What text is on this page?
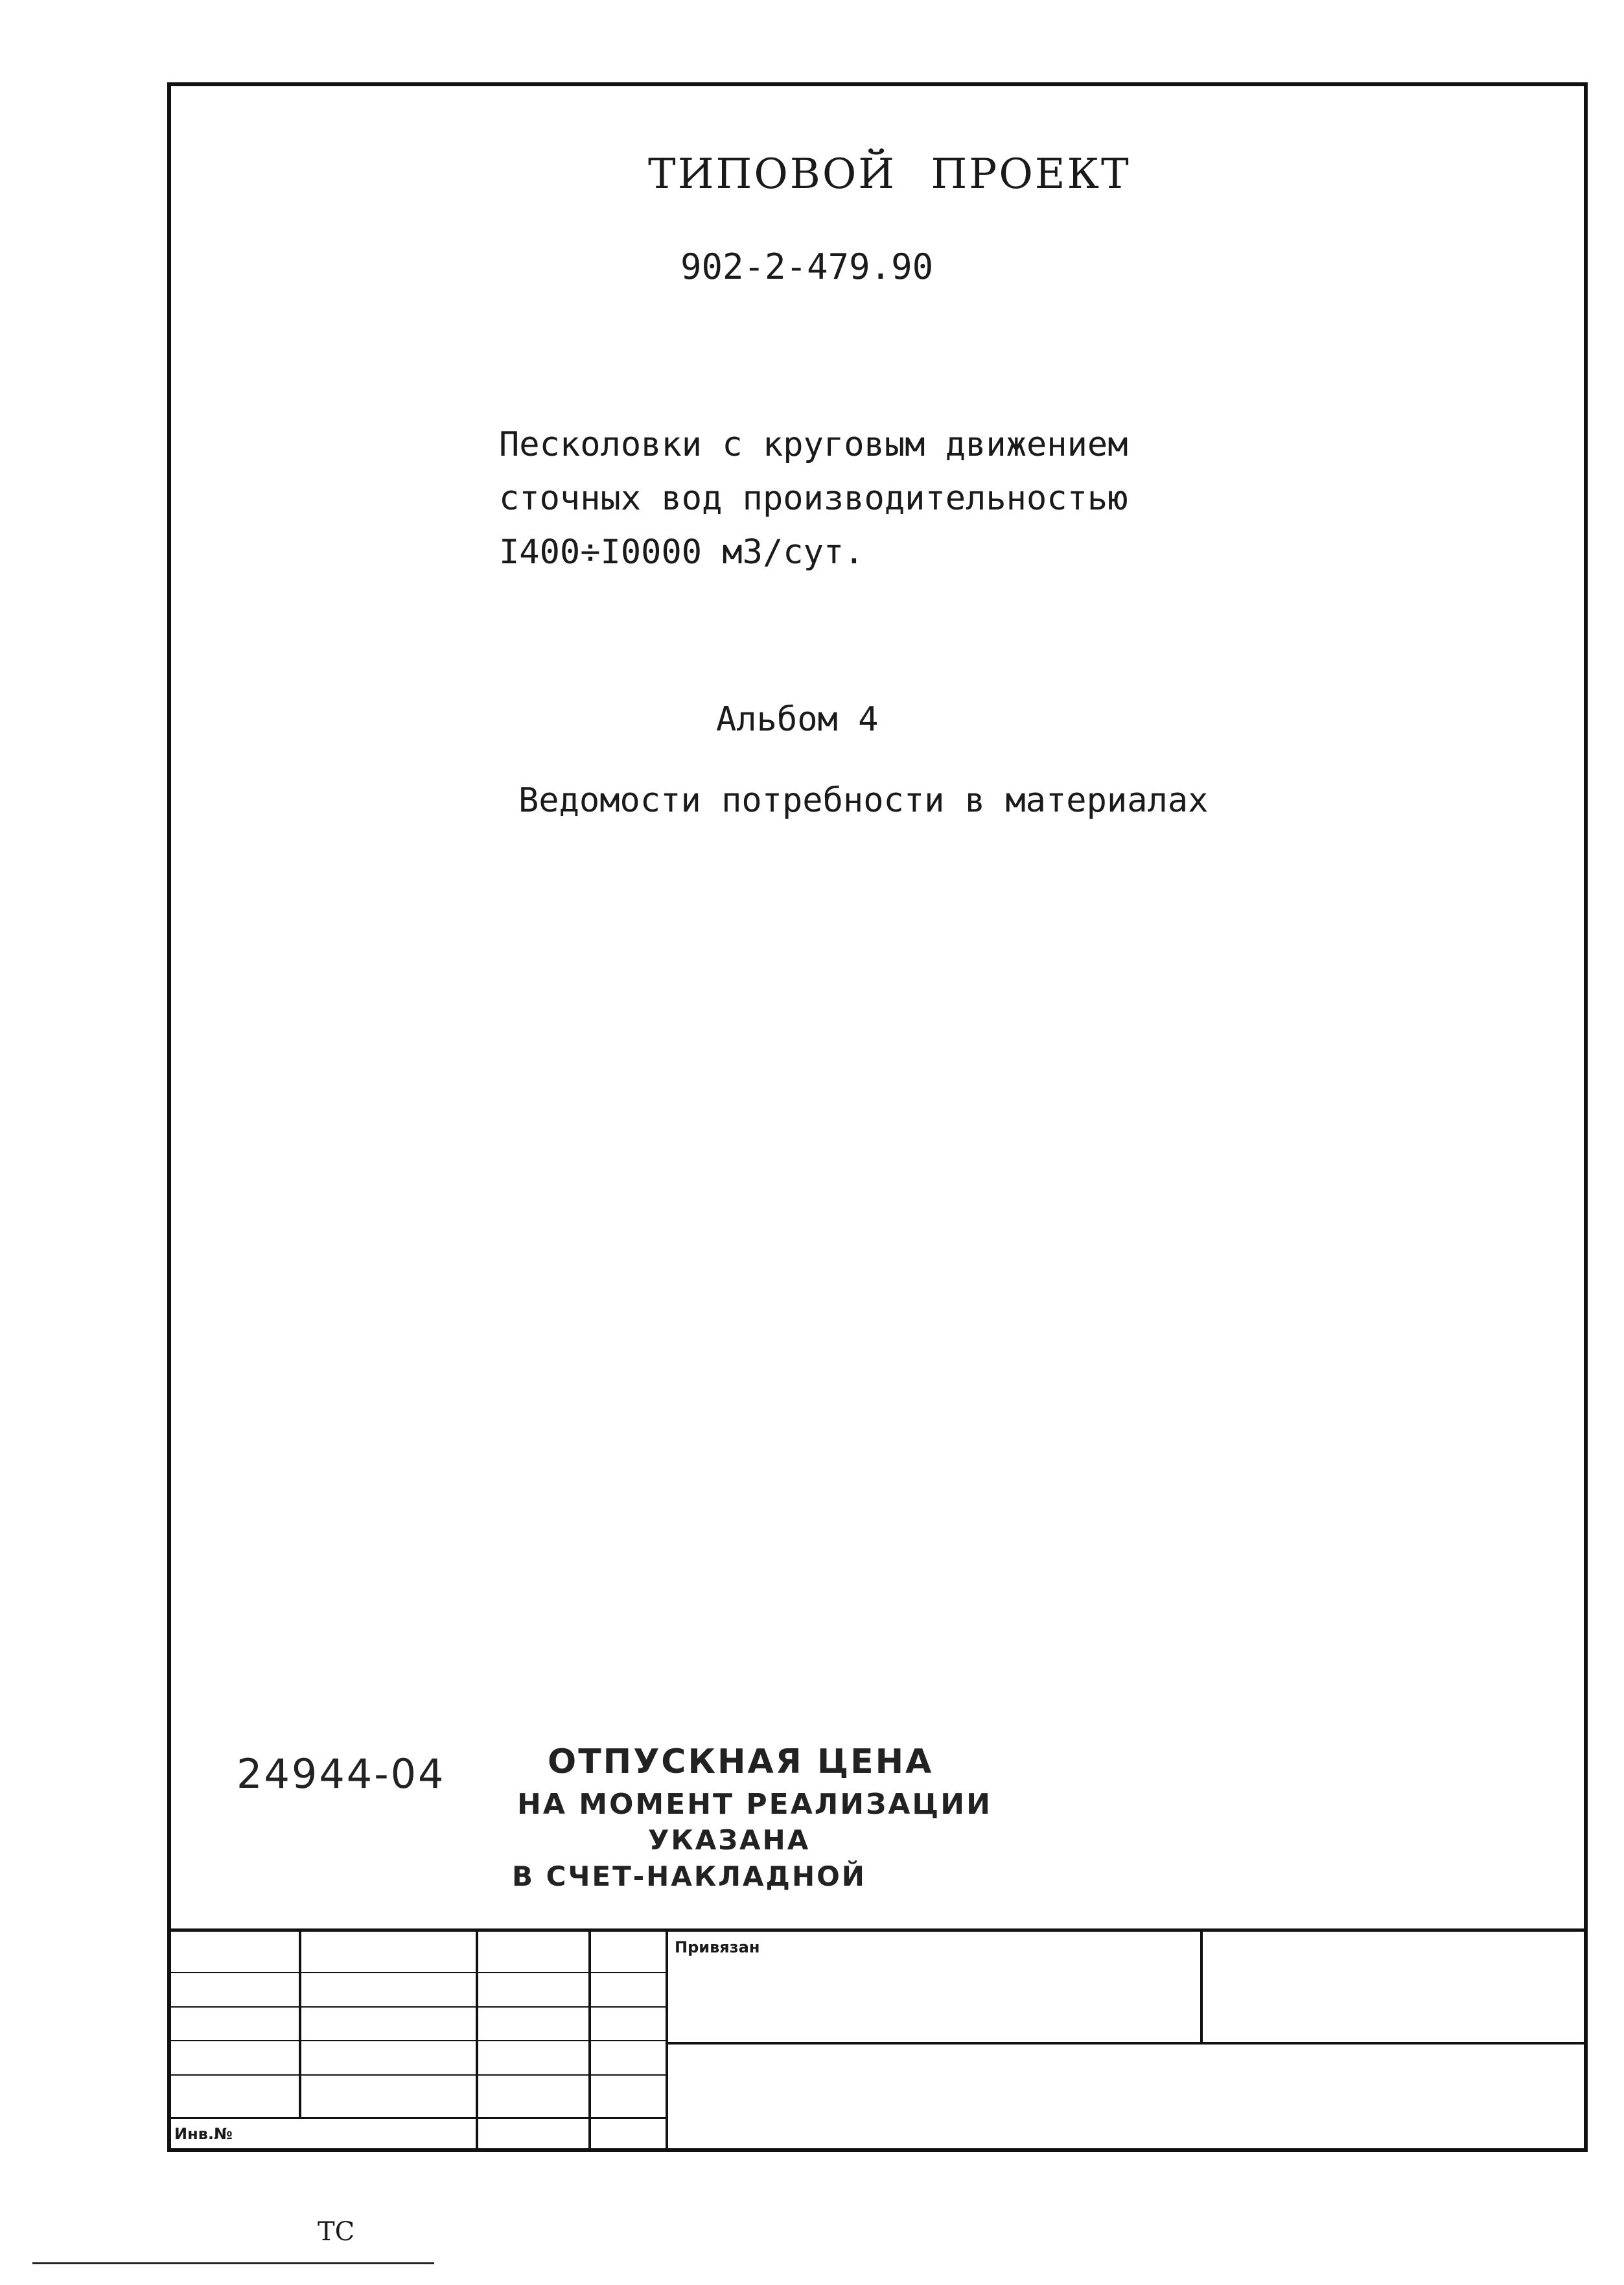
ТИПОВОЙ ПРОЕКТ
902-2-479.90
Песколовки с круговым движением
сточных вод производительностью
I400÷I0000 м3/сут.
Альбом 4
Ведомости потребности в материалах
24944-04	ОТПУСКНАЯ ЦЕНА
НА МОМЕНТ РЕАЛИЗАЦИИ
УКАЗАНА
В СЧЕТ-НАКЛАДНОЙ
Привязан
Инв.№
ТС
